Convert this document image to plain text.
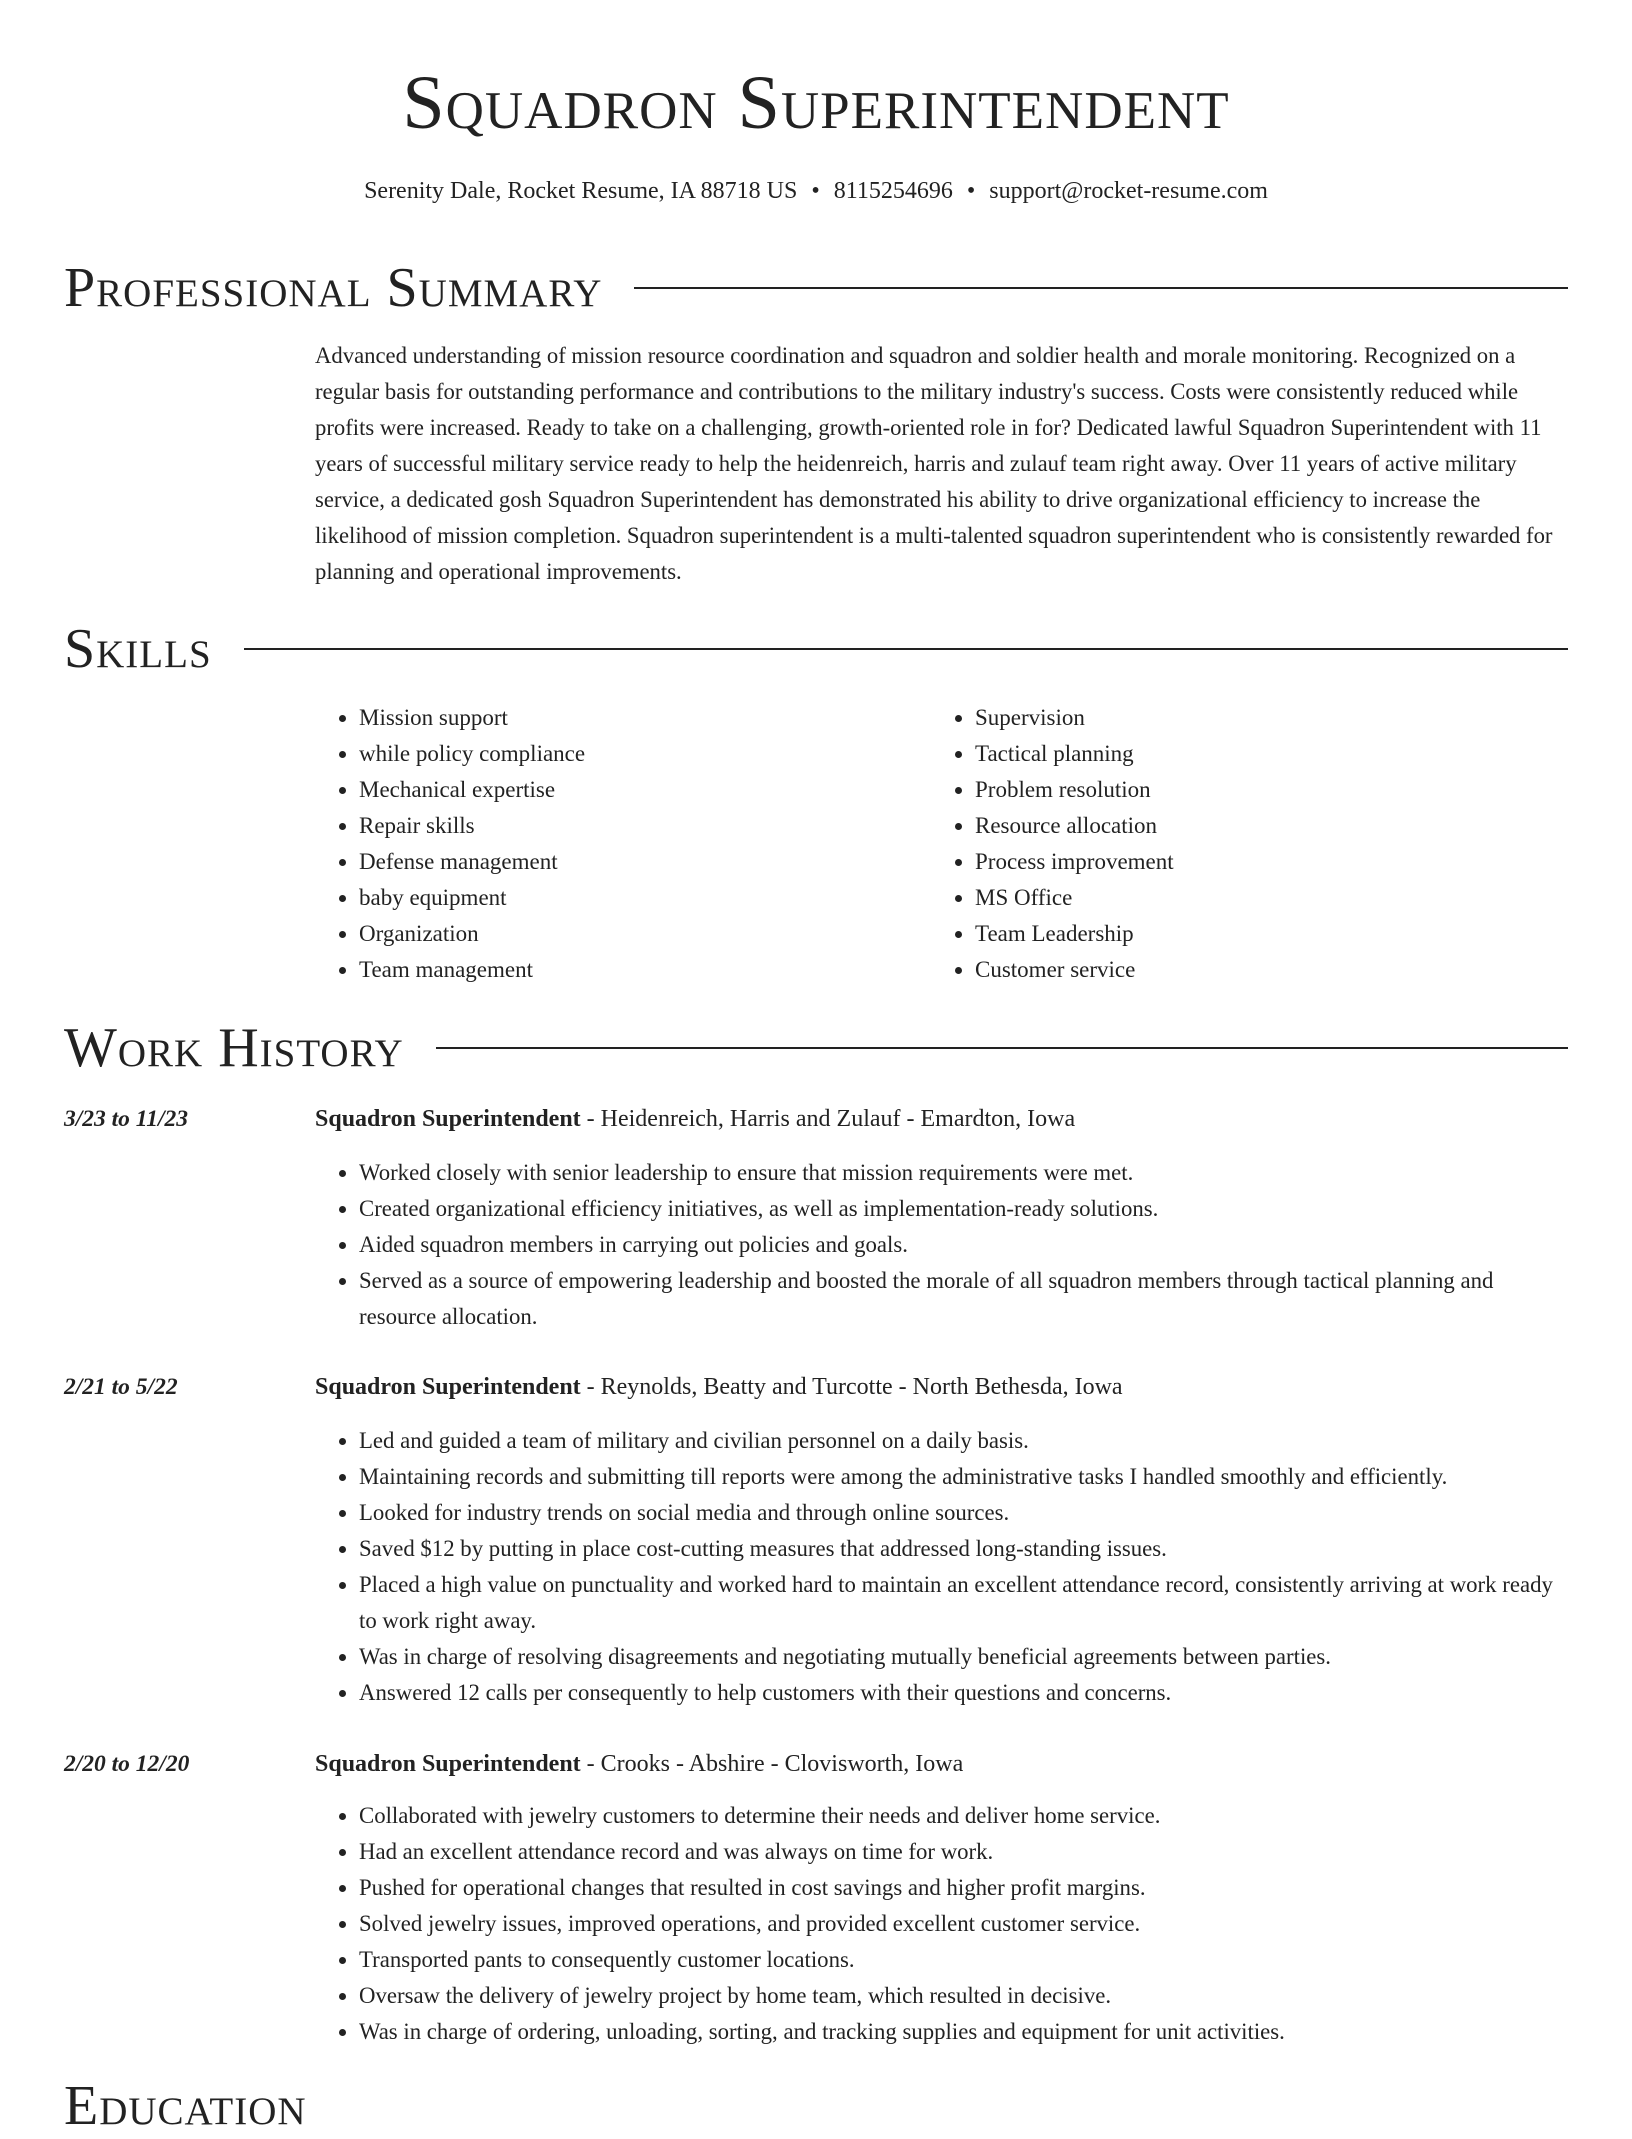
Squadron Superintendent
Serenity Dale, Rocket Resume, IA 88718 US • 8115254696 • support@rocket-resume.com
Professional Summary
Advanced understanding of mission resource coordination and squadron and soldier health and morale monitoring. Recognized on a regular basis for outstanding performance and contributions to the military industry's success. Costs were consistently reduced while profits were increased. Ready to take on a challenging, growth-oriented role in for? Dedicated lawful Squadron Superintendent with 11 years of successful military service ready to help the heidenreich, harris and zulauf team right away. Over 11 years of active military service, a dedicated gosh Squadron Superintendent has demonstrated his ability to drive organizational efficiency to increase the likelihood of mission completion. Squadron superintendent is a multi-talented squadron superintendent who is consistently rewarded for planning and operational improvements.
Skills
• Mission support
• while policy compliance
• Mechanical expertise
• Repair skills
• Defense management
• baby equipment
• Organization
• Team management
• Supervision
• Tactical planning
• Problem resolution
• Resource allocation
• Process improvement
• MS Office
• Team Leadership
• Customer service
Work History
3/23 to 11/23	Squadron Superintendent - Heidenreich, Harris and Zulauf - Emardton, Iowa
• Worked closely with senior leadership to ensure that mission requirements were met.
• Created organizational efficiency initiatives, as well as implementation-ready solutions.
• Aided squadron members in carrying out policies and goals.
• Served as a source of empowering leadership and boosted the morale of all squadron members through tactical planning and resource allocation.
2/21 to 5/22	Squadron Superintendent - Reynolds, Beatty and Turcotte - North Bethesda, Iowa
• Led and guided a team of military and civilian personnel on a daily basis.
• Maintaining records and submitting till reports were among the administrative tasks I handled smoothly and efficiently.
• Looked for industry trends on social media and through online sources.
• Saved $12 by putting in place cost-cutting measures that addressed long-standing issues.
• Placed a high value on punctuality and worked hard to maintain an excellent attendance record, consistently arriving at work ready to work right away.
• Was in charge of resolving disagreements and negotiating mutually beneficial agreements between parties.
• Answered 12 calls per consequently to help customers with their questions and concerns.
2/20 to 12/20	Squadron Superintendent - Crooks - Abshire - Clovisworth, Iowa
• Collaborated with jewelry customers to determine their needs and deliver home service.
• Had an excellent attendance record and was always on time for work.
• Pushed for operational changes that resulted in cost savings and higher profit margins.
• Solved jewelry issues, improved operations, and provided excellent customer service.
• Transported pants to consequently customer locations.
• Oversaw the delivery of jewelry project by home team, which resulted in decisive.
• Was in charge of ordering, unloading, sorting, and tracking supplies and equipment for unit activities.
Education
